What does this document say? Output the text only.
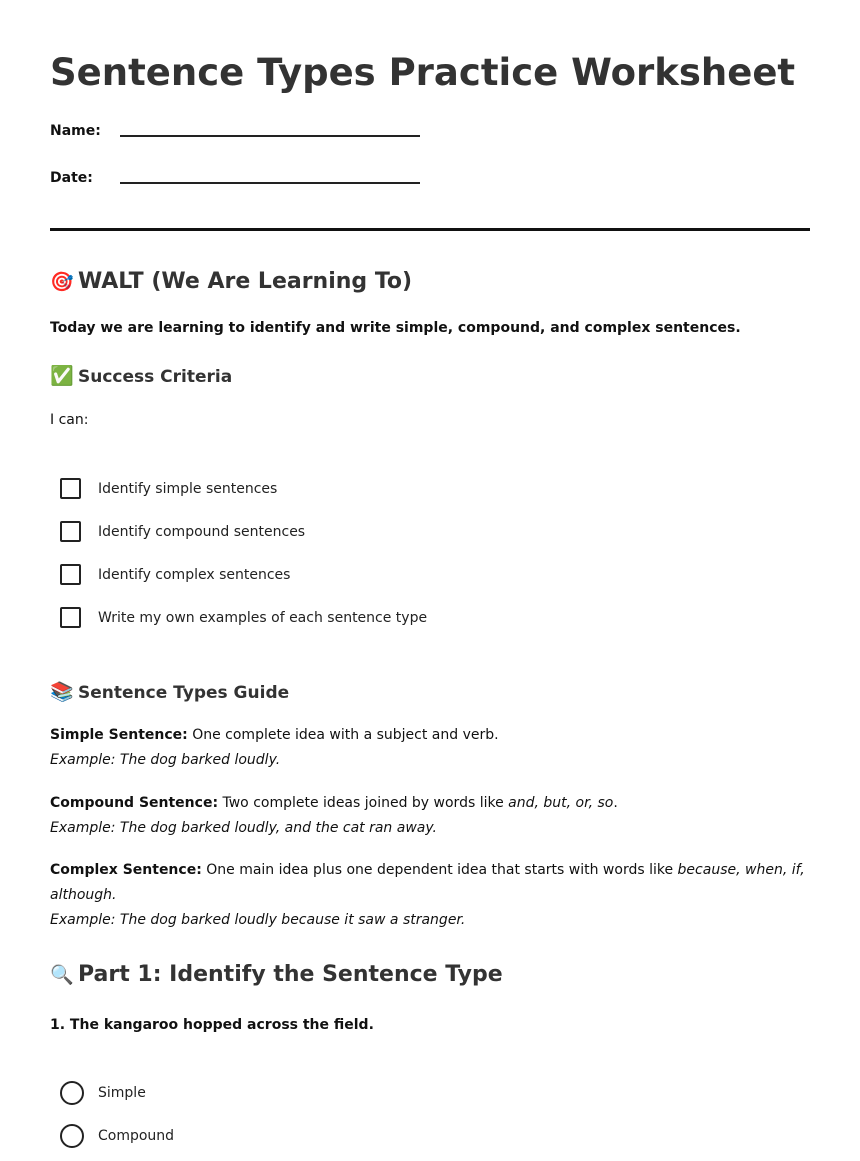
Sentence Types Practice Worksheet
Name:
Date:
🎯 WALT (We Are Learning To)
Today we are learning to identify and write simple, compound, and complex sentences.
✅ Success Criteria
I can:
Identify simple sentences
Identify compound sentences
Identify complex sentences
Write my own examples of each sentence type
📚 Sentence Types Guide

Simple Sentence: One complete idea with a subject and verb.

Example: The dog barked loudly.

Compound Sentence: Two complete ideas joined by words like and, but, or, so.

Example: The dog barked loudly, and the cat ran away.

Complex Sentence: One main idea plus one dependent idea that starts with words like because, when, if, although.

Example: The dog barked loudly because it saw a stranger.

🔍 Part 1: Identify the Sentence Type
1. The kangaroo hopped across the field.
Simple
Compound
